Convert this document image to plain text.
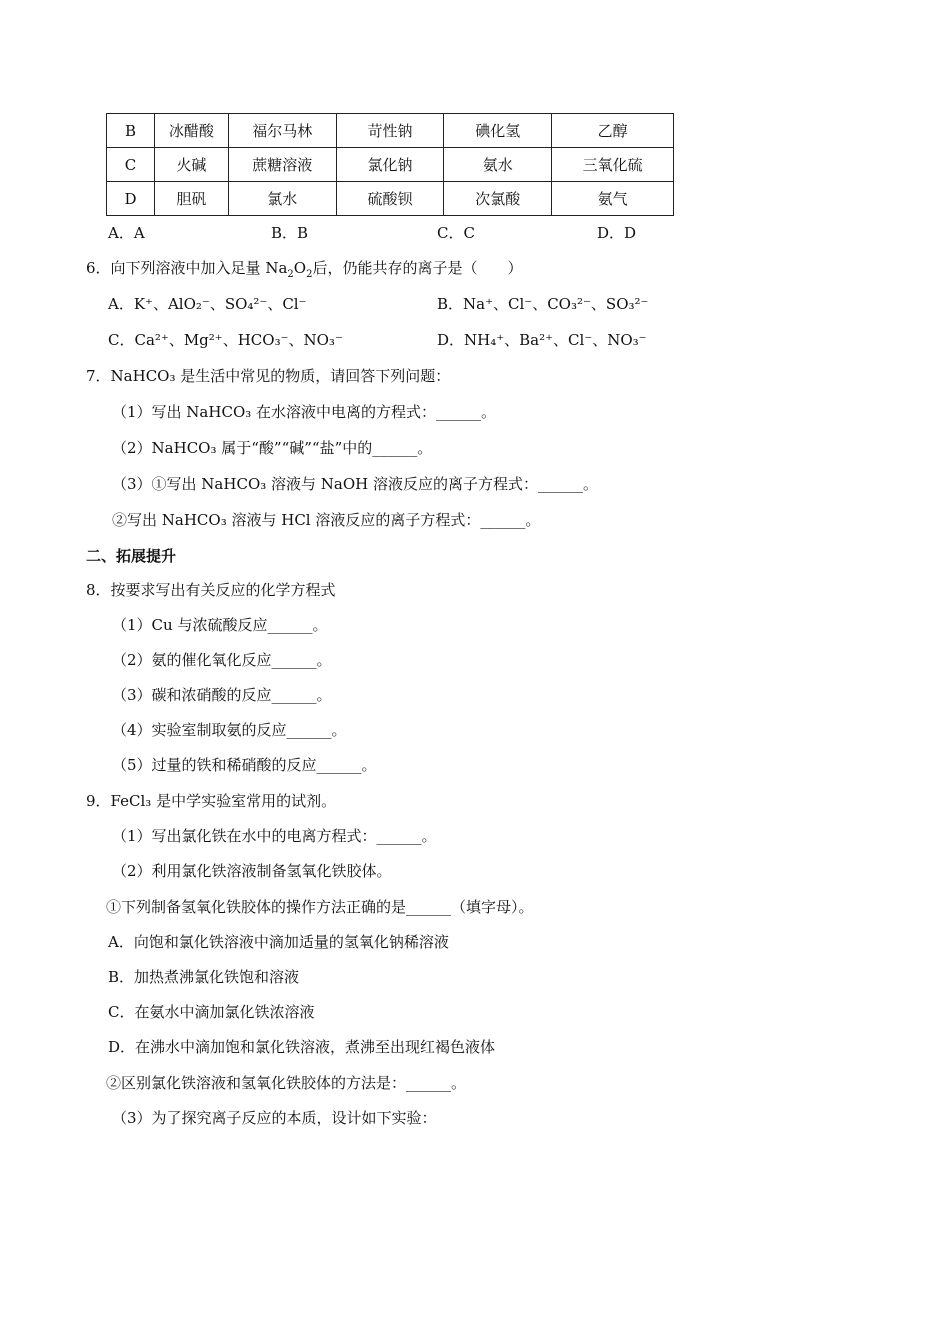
B	冰醋酸	福尔马林	苛性钠	碘化氢	乙醇
C	火碱	蔗糖溶液	氯化钠	氨水	三氧化硫
D	胆矾	氯水	硫酸钡	次氯酸	氨气
A．A	B．B	C．C	D．D
6．向下列溶液中加入足量 $Na_2O_2$后，仍能共存的离子是（　　）
A．K⁺、AlO₂⁻、SO₄²⁻、Cl⁻	B．Na⁺、Cl⁻、CO₃²⁻、SO₃²⁻
C．Ca²⁺、Mg²⁺、HCO₃⁻、NO₃⁻	D．NH₄⁺、Ba²⁺、Cl⁻、NO₃⁻
7．NaHCO₃ 是生活中常见的物质，请回答下列问题：
（1）写出 NaHCO₃ 在水溶液中电离的方程式：______。
（2）NaHCO₃ 属于“酸”“碱”“盐”中的______。
（3）①写出 NaHCO₃ 溶液与 NaOH 溶液反应的离子方程式：______。
②写出 NaHCO₃ 溶液与 HCl 溶液反应的离子方程式：______。
二、拓展提升
8．按要求写出有关反应的化学方程式
（1）Cu 与浓硫酸反应______。
（2）氨的催化氧化反应______。
（3）碳和浓硝酸的反应______。
（4）实验室制取氨的反应______。
（5）过量的铁和稀硝酸的反应______。
9．FeCl₃ 是中学实验室常用的试剂。
（1）写出氯化铁在水中的电离方程式：______。
（2）利用氯化铁溶液制备氢氧化铁胶体。
①下列制备氢氧化铁胶体的操作方法正确的是______（填字母）。
A．向饱和氯化铁溶液中滴加适量的氢氧化钠稀溶液
B．加热煮沸氯化铁饱和溶液
C．在氨水中滴加氯化铁浓溶液
D．在沸水中滴加饱和氯化铁溶液，煮沸至出现红褐色液体
②区别氯化铁溶液和氢氧化铁胶体的方法是：______。
（3）为了探究离子反应的本质，设计如下实验：
